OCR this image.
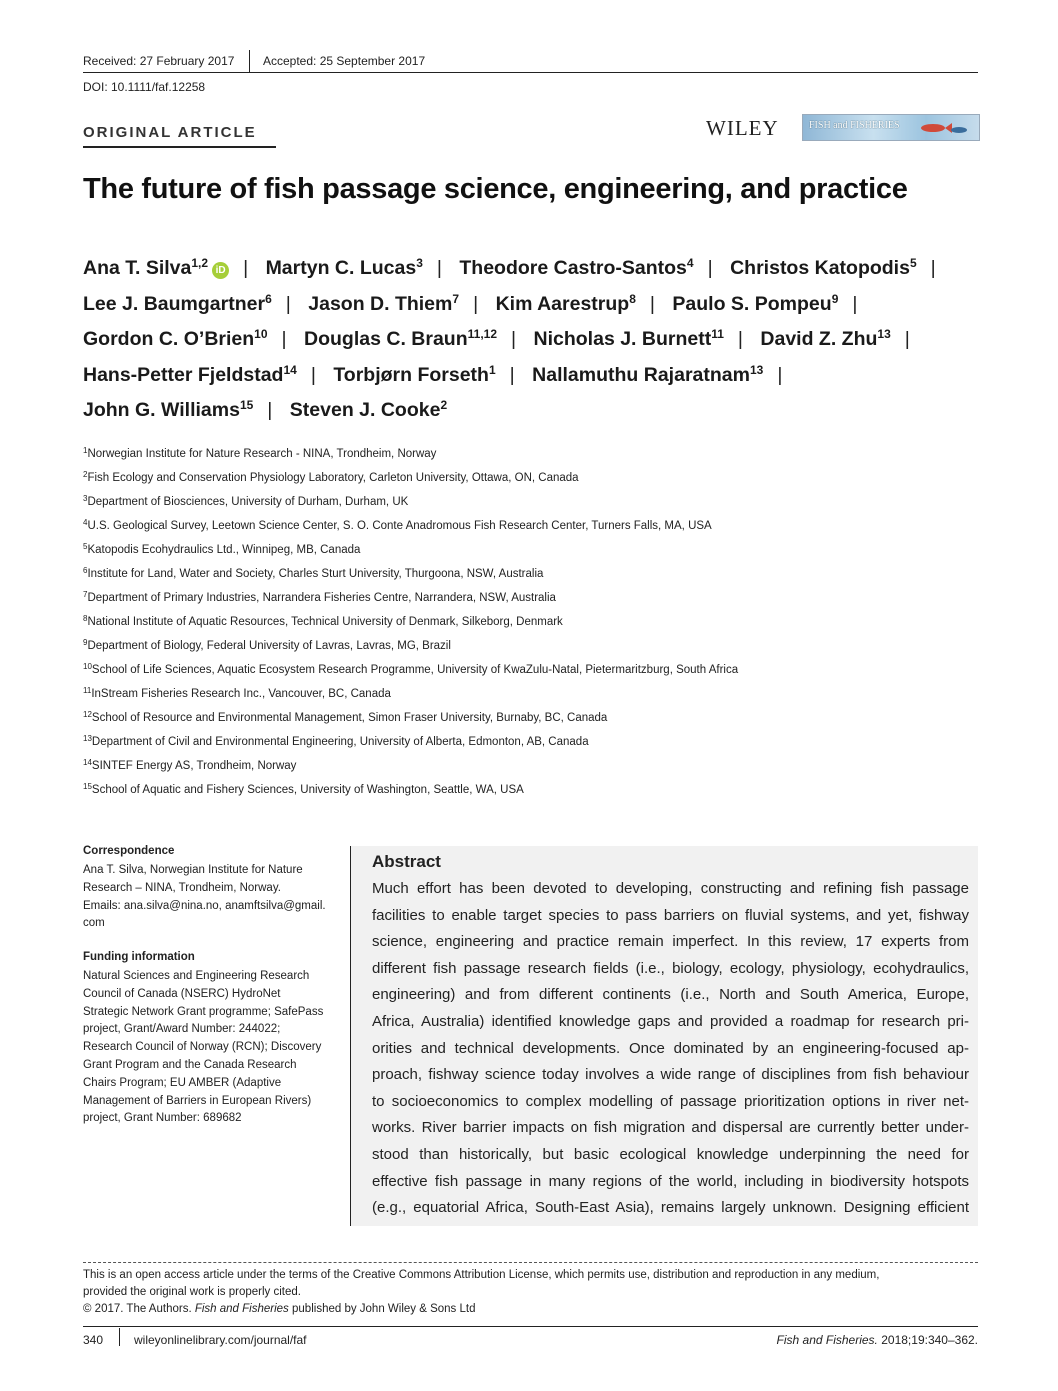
Received: 27 February 2017 Accepted: 25 September 2017
DOI: 10.1111/faf.12258
ORIGINAL ARTICLE	WILEY	FISH and FISHERIES
The future of fish passage science, engineering, and practice
Ana T. Silva$^{1,2}$iD | Martyn C. Lucas$^3$ | Theodore Castro-Santos$^4$ | Christos Katopodis$^5$ | Lee J. Baumgartner$^6$ | Jason D. Thiem$^7$ | Kim Aarestrup$^8$ | Paulo S. Pompeu$^9$ | Gordon C. O’Brien$^{10}$ | Douglas C. Braun$^{11,12}$ | Nicholas J. Burnett$^{11}$ | David Z. Zhu$^{13}$ | Hans-Petter Fjeldstad$^{14}$ | Torbjørn Forseth$^1$ | Nallamuthu Rajaratnam$^{13}$ | John G. Williams$^{15}$ | Steven J. Cooke$^2$
$^1$Norwegian Institute for Nature Research - NINA, Trondheim, Norway
$^2$Fish Ecology and Conservation Physiology Laboratory, Carleton University, Ottawa, ON, Canada
$^3$Department of Biosciences, University of Durham, Durham, UK
$^4$U.S. Geological Survey, Leetown Science Center, S. O. Conte Anadromous Fish Research Center, Turners Falls, MA, USA
$^5$Katopodis Ecohydraulics Ltd., Winnipeg, MB, Canada
$^6$Institute for Land, Water and Society, Charles Sturt University, Thurgoona, NSW, Australia
$^7$Department of Primary Industries, Narrandera Fisheries Centre, Narrandera, NSW, Australia
$^8$National Institute of Aquatic Resources, Technical University of Denmark, Silkeborg, Denmark
$^9$Department of Biology, Federal University of Lavras, Lavras, MG, Brazil
$^{10}$School of Life Sciences, Aquatic Ecosystem Research Programme, University of KwaZulu-Natal, Pietermaritzburg, South Africa
$^{11}$InStream Fisheries Research Inc., Vancouver, BC, Canada
$^{12}$School of Resource and Environmental Management, Simon Fraser University, Burnaby, BC, Canada
$^{13}$Department of Civil and Environmental Engineering, University of Alberta, Edmonton, AB, Canada
$^{14}$SINTEF Energy AS, Trondheim, Norway
$^{15}$School of Aquatic and Fishery Sciences, University of Washington, Seattle, WA, USA
Correspondence
Ana T. Silva, Norwegian Institute for Nature
Research – NINA, Trondheim, Norway.
Emails: ana.silva@nina.no, anamftsilva@gmail.
com
Funding information
Natural Sciences and Engineering Research
Council of Canada (NSERC) HydroNet
Strategic Network Grant programme; SafePass
project, Grant/Award Number: 244022;
Research Council of Norway (RCN); Discovery
Grant Program and the Canada Research
Chairs Program; EU AMBER (Adaptive
Management of Barriers in European Rivers)
project, Grant Number: 689682
Abstract
Much effort has been devoted to developing, constructing and refining fish passage
facilities to enable target species to pass barriers on fluvial systems, and yet, fishway
science, engineering and practice remain imperfect. In this review, 17 experts from
different fish passage research fields (i.e., biology, ecology, physiology, ecohydraulics,
engineering) and from different continents (i.e., North and South America, Europe,
Africa, Australia) identified knowledge gaps and provided a roadmap for research pri-
orities and technical developments. Once dominated by an engineering-focused ap-
proach, fishway science today involves a wide range of disciplines from fish behaviour
to socioeconomics to complex modelling of passage prioritization options in river net-
works. River barrier impacts on fish migration and dispersal are currently better under-
stood than historically, but basic ecological knowledge underpinning the need for
effective fish passage in many regions of the world, including in biodiversity hotspots
(e.g., equatorial Africa, South-East Asia), remains largely unknown. Designing efficient
This is an open access article under the terms of the Creative Commons Attribution License, which permits use, distribution and reproduction in any medium,
provided the original work is properly cited.
© 2017. The Authors. Fish and Fisheries published by John Wiley & Sons Ltd
340	wileyonlinelibrary.com/journal/faf	Fish and Fisheries. 2018;19:340–362.
